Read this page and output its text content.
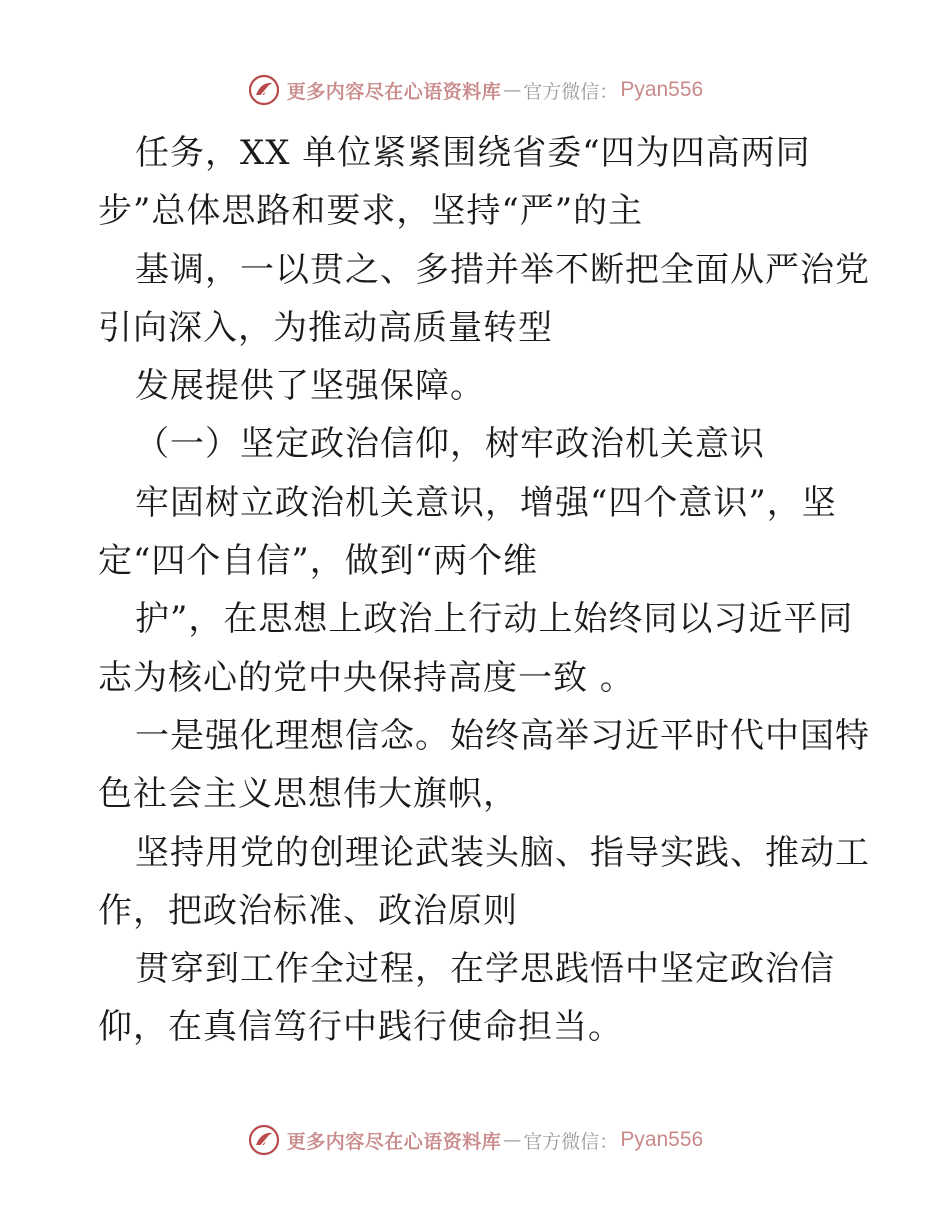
更多内容尽在心语资料库 — 官方微信： Pyan556
任务，XX 单位紧紧围绕省委“四为四高两同
步”总体思路和要求，坚持“严”的主
基调，一以贯之、多措并举不断把全面从严治党
引向深入，为推动高质量转型
发展提供了坚强保障。
（一）坚定政治信仰，树牢政治机关意识
牢固树立政治机关意识，增强“四个意识”，坚
定“四个自信”，做到“两个维
护”，在思想上政治上行动上始终同以习近平同
志为核心的党中央保持高度一致 。
一是强化理想信念。始终高举习近平时代中国特
色社会主义思想伟大旗帜，
坚持用党的创理论武装头脑、指导实践、推动工
作，把政治标准、政治原则
贯穿到工作全过程，在学思践悟中坚定政治信
仰，在真信笃行中践行使命担当。
更多内容尽在心语资料库 — 官方微信： Pyan556
